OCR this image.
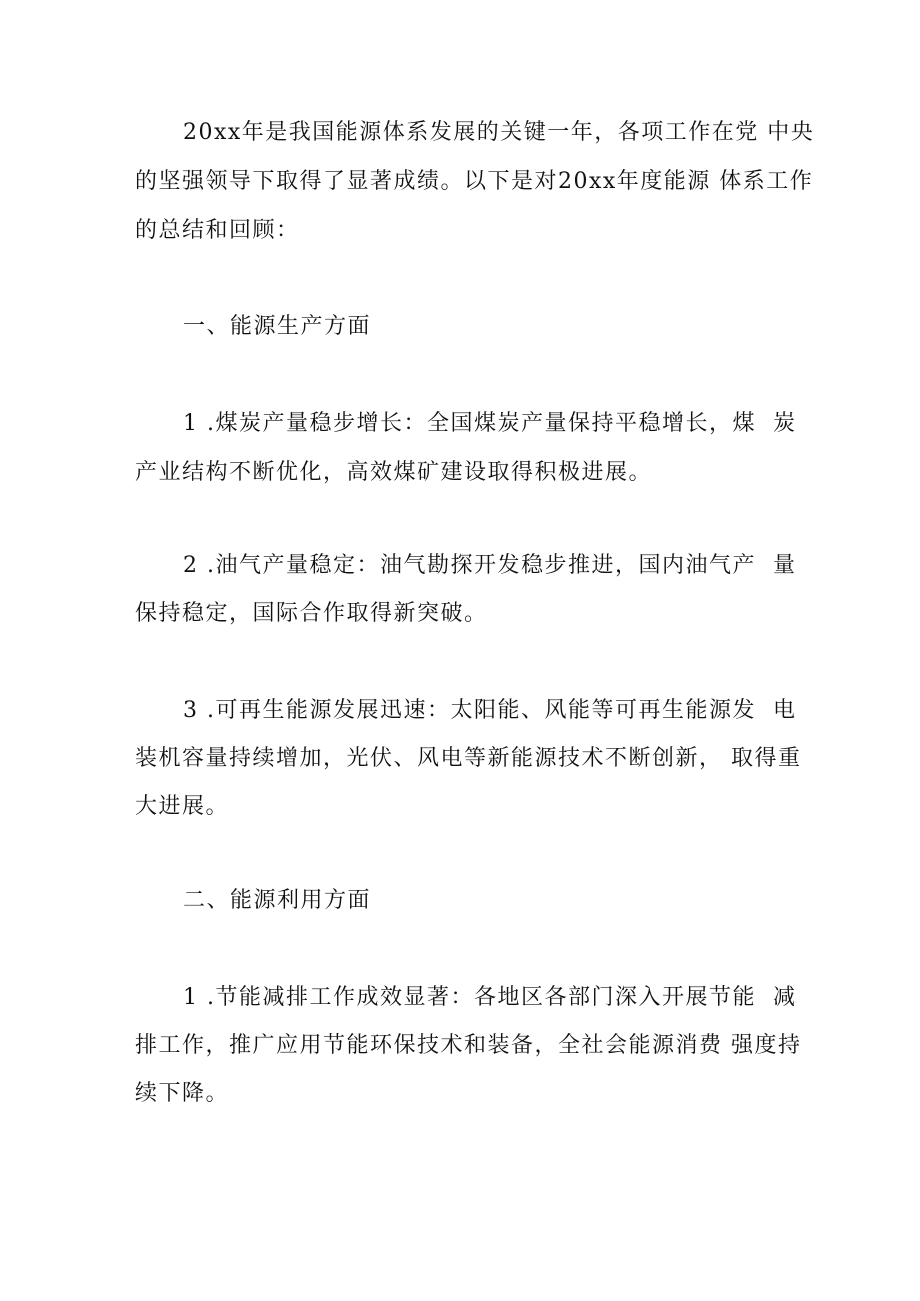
20xx年是我国能源体系发展的关键一年，各项工作在党 中央
的坚强领导下取得了显著成绩。以下是对20xx年度能源 体系工作
的总结和回顾：
一、能源生产方面
1 .煤炭产量稳步增长：全国煤炭产量保持平稳增长，煤  炭
产业结构不断优化，高效煤矿建设取得积极进展。
2 .油气产量稳定：油气勘探开发稳步推进，国内油气产  量
保持稳定，国际合作取得新突破。
3 .可再生能源发展迅速：太阳能、风能等可再生能源发  电
装机容量持续增加，光伏、风电等新能源技术不断创新， 取得重
大进展。
二、能源利用方面
1 .节能减排工作成效显著：各地区各部门深入开展节能  减
排工作，推广应用节能环保技术和装备，全社会能源消费 强度持
续下降。
